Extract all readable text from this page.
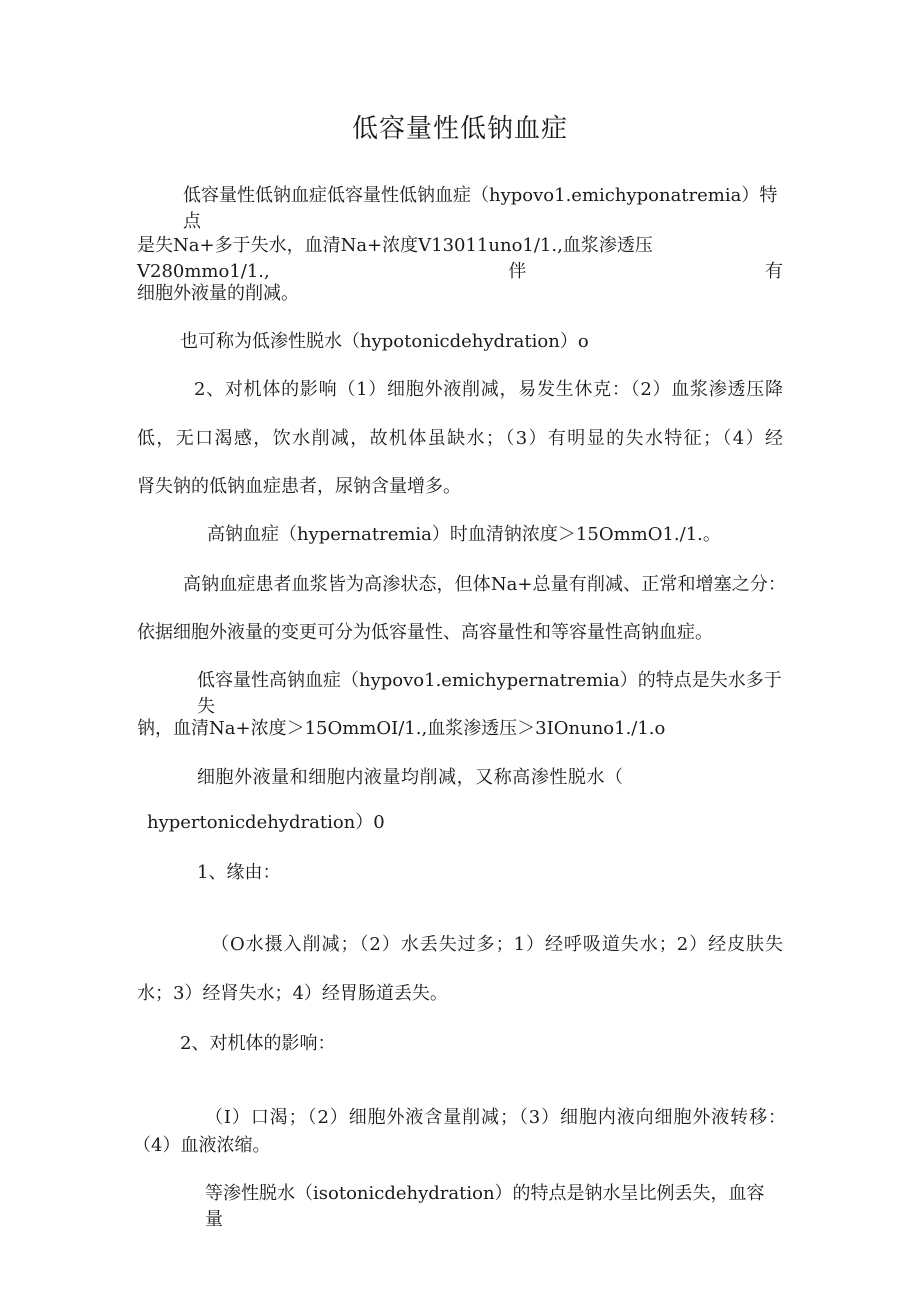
低容量性低钠血症

低容量性低钠血症低容量性低钠血症（hypovo1.emichyponatremia）特点

是失Na+多于失水，血清Na+浓度V13011uno1/1.,血浆渗透压V280mmo1/1.,伴有

细胞外液量的削减。

也可称为低渗性脱水（hypotonicdehydration）o

2、对机体的影响（1）细胞外液削减，易发生休克：（2）血浆渗透压降

低，无口渴感，饮水削减，故机体虽缺水；（3）有明显的失水特征；（4）经

肾失钠的低钠血症患者，尿钠含量增多。

高钠血症（hypernatremia）时血清钠浓度＞15OmmO1./1.。

高钠血症患者血浆皆为高渗状态，但体Na+总量有削减、正常和增塞之分：

依据细胞外液量的变更可分为低容量性、高容量性和等容量性高钠血症。

低容量性高钠血症（hypovo1.emichypernatremia）的特点是失水多于失

钠，血清Na+浓度＞15OmmOI/1.,血浆渗透压＞3IOnuno1./1.o

细胞外液量和细胞内液量均削减，又称高渗性脱水（

hypertonicdehydration）0

1、缘由：

（O水摄入削减；（2）水丢失过多；1）经呼吸道失水；2）经皮肤失

水；3）经肾失水；4）经胃肠道丢失。

2、对机体的影响：

（I）口渴；（2）细胞外液含量削减；（3）细胞内液向细胞外液转移：

（4）血液浓缩。

等渗性脱水（isotonicdehydration）的特点是钠水呈比例丢失，血容量
